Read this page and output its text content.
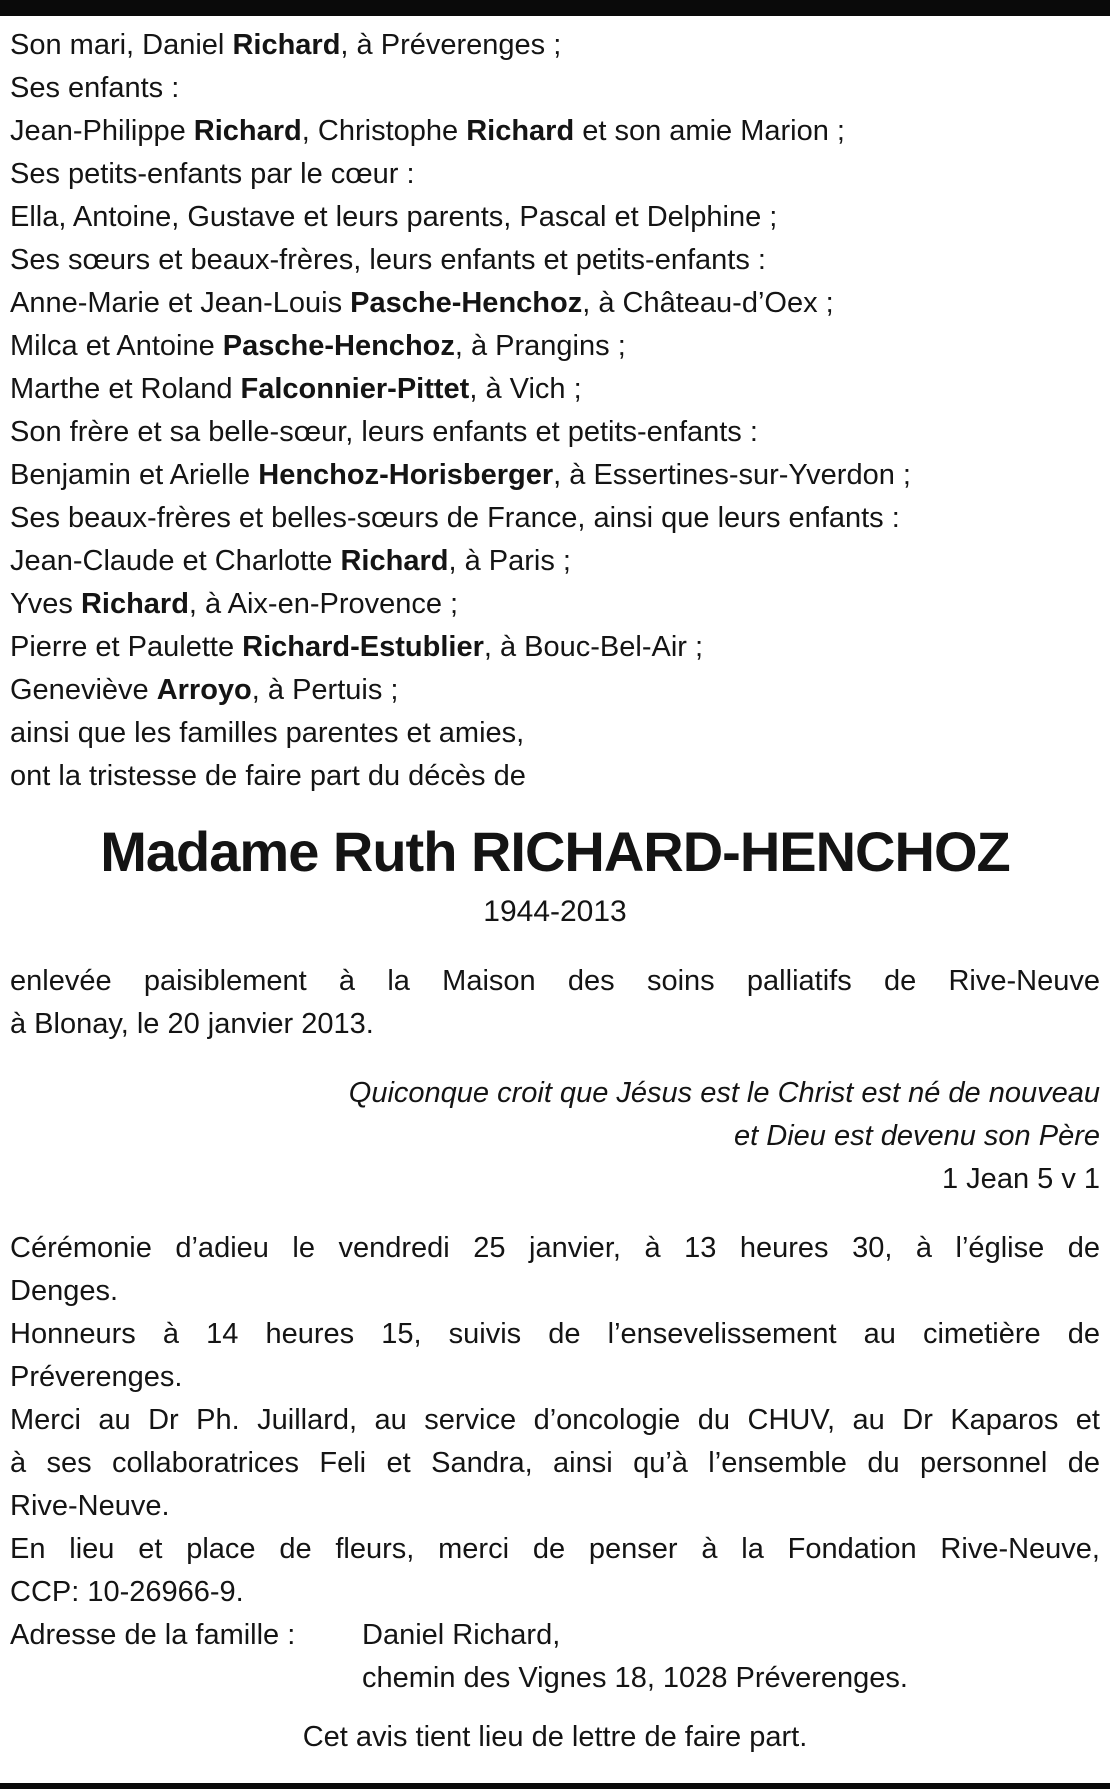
Son mari, Daniel Richard, à Préverenges ;
Ses enfants :
Jean-Philippe Richard, Christophe Richard et son amie Marion ;
Ses petits-enfants par le cœur :
Ella, Antoine, Gustave et leurs parents, Pascal et Delphine ;
Ses sœurs et beaux-frères, leurs enfants et petits-enfants :
Anne-Marie et Jean-Louis Pasche-Henchoz, à Château-d’Oex ;
Milca et Antoine Pasche-Henchoz, à Prangins ;
Marthe et Roland Falconnier-Pittet, à Vich ;
Son frère et sa belle-sœur, leurs enfants et petits-enfants :
Benjamin et Arielle Henchoz-Horisberger, à Essertines-sur-Yverdon ;
Ses beaux-frères et belles-sœurs de France, ainsi que leurs enfants :
Jean-Claude et Charlotte Richard, à Paris ;
Yves Richard, à Aix-en-Provence ;
Pierre et Paulette Richard-Estublier, à Bouc-Bel-Air ;
Geneviève Arroyo, à Pertuis ;
ainsi que les familles parentes et amies,
ont la tristesse de faire part du décès de
Madame Ruth RICHARD-HENCHOZ
1944-2013
enlevée paisiblement à la Maison des soins palliatifs de Rive-Neuve
à Blonay, le 20 janvier 2013.
Quiconque croit que Jésus est le Christ est né de nouveau
et Dieu est devenu son Père
1 Jean 5 v 1
Cérémonie d’adieu le vendredi 25 janvier, à 13 heures 30, à l’église de
Denges.
Honneurs à 14 heures 15, suivis de l’ensevelissement au cimetière de
Préverenges.
Merci au Dr Ph. Juillard, au service d’oncologie du CHUV, au Dr Kaparos et
à ses collaboratrices Feli et Sandra, ainsi qu’à l’ensemble du personnel de
Rive-Neuve.
En lieu et place de fleurs, merci de penser à la Fondation Rive-Neuve,
CCP: 10-26966-9.
Adresse de la famille :	Daniel Richard,
chemin des Vignes 18, 1028 Préverenges.
Cet avis tient lieu de lettre de faire part.
